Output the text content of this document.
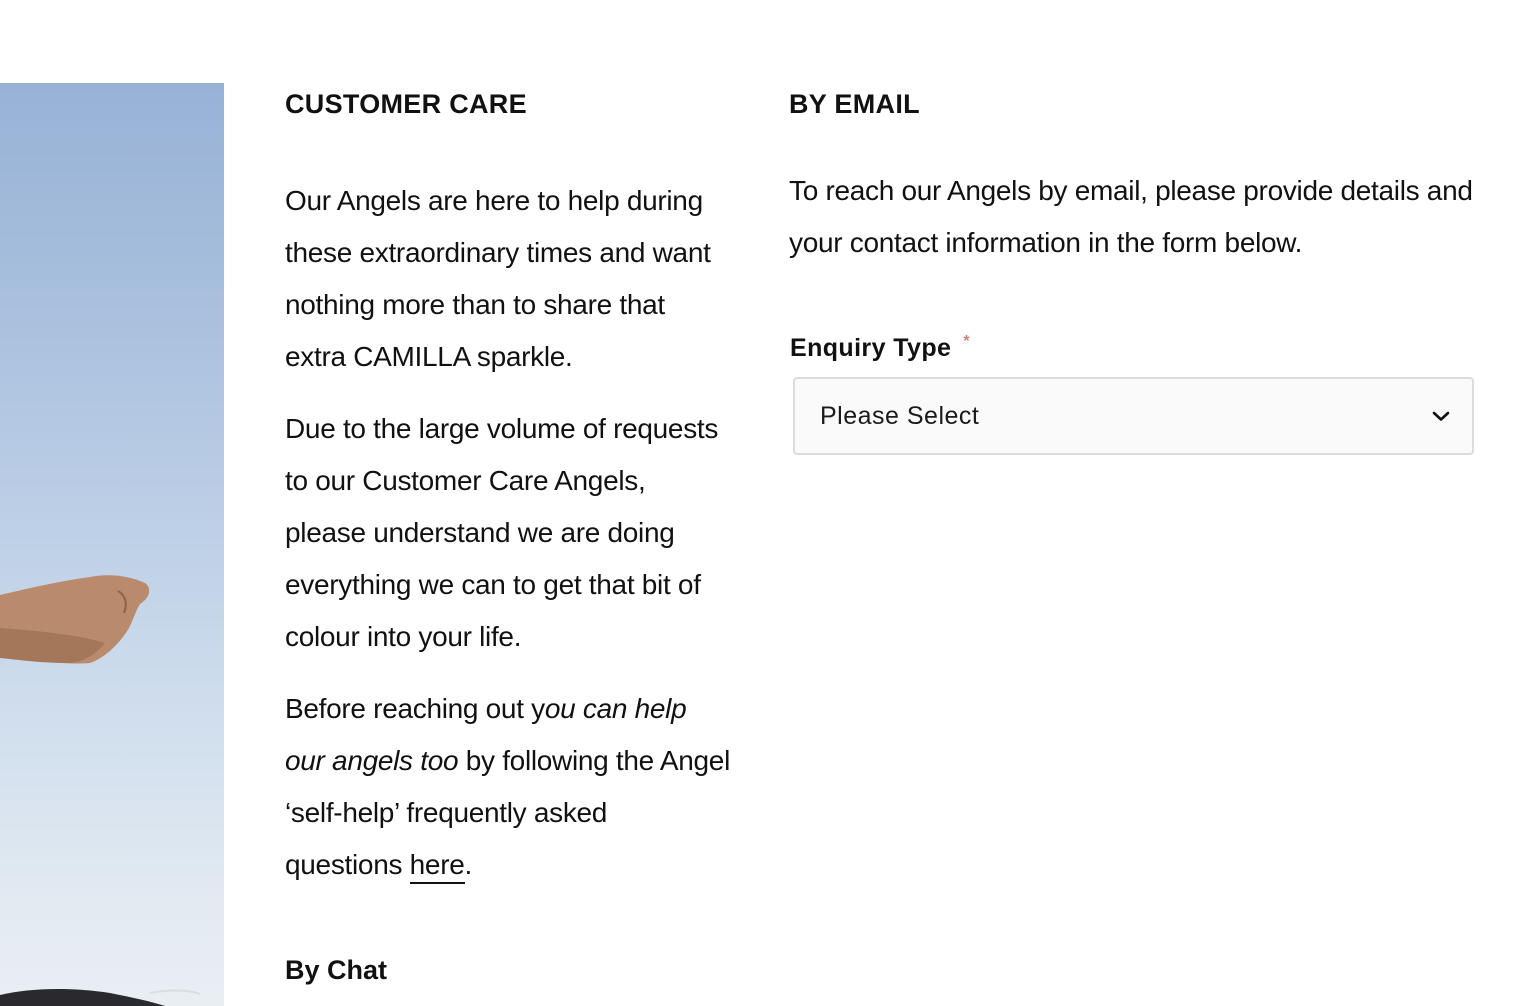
CUSTOMER CARE

Our Angels are here to help during these extraordinary times and want nothing more than to share that extra CAMILLA sparkle.

Due to the large volume of requests to our Customer Care Angels, please understand we are doing everything we can to get that bit of colour into your life.

Before reaching out you can help our angels too by following the Angel ‘self-help’ frequently asked questions here.

By Chat
BY EMAIL

To reach our Angels by email, please provide details and your contact information in the form below.

Enquiry Type *
Please Select
